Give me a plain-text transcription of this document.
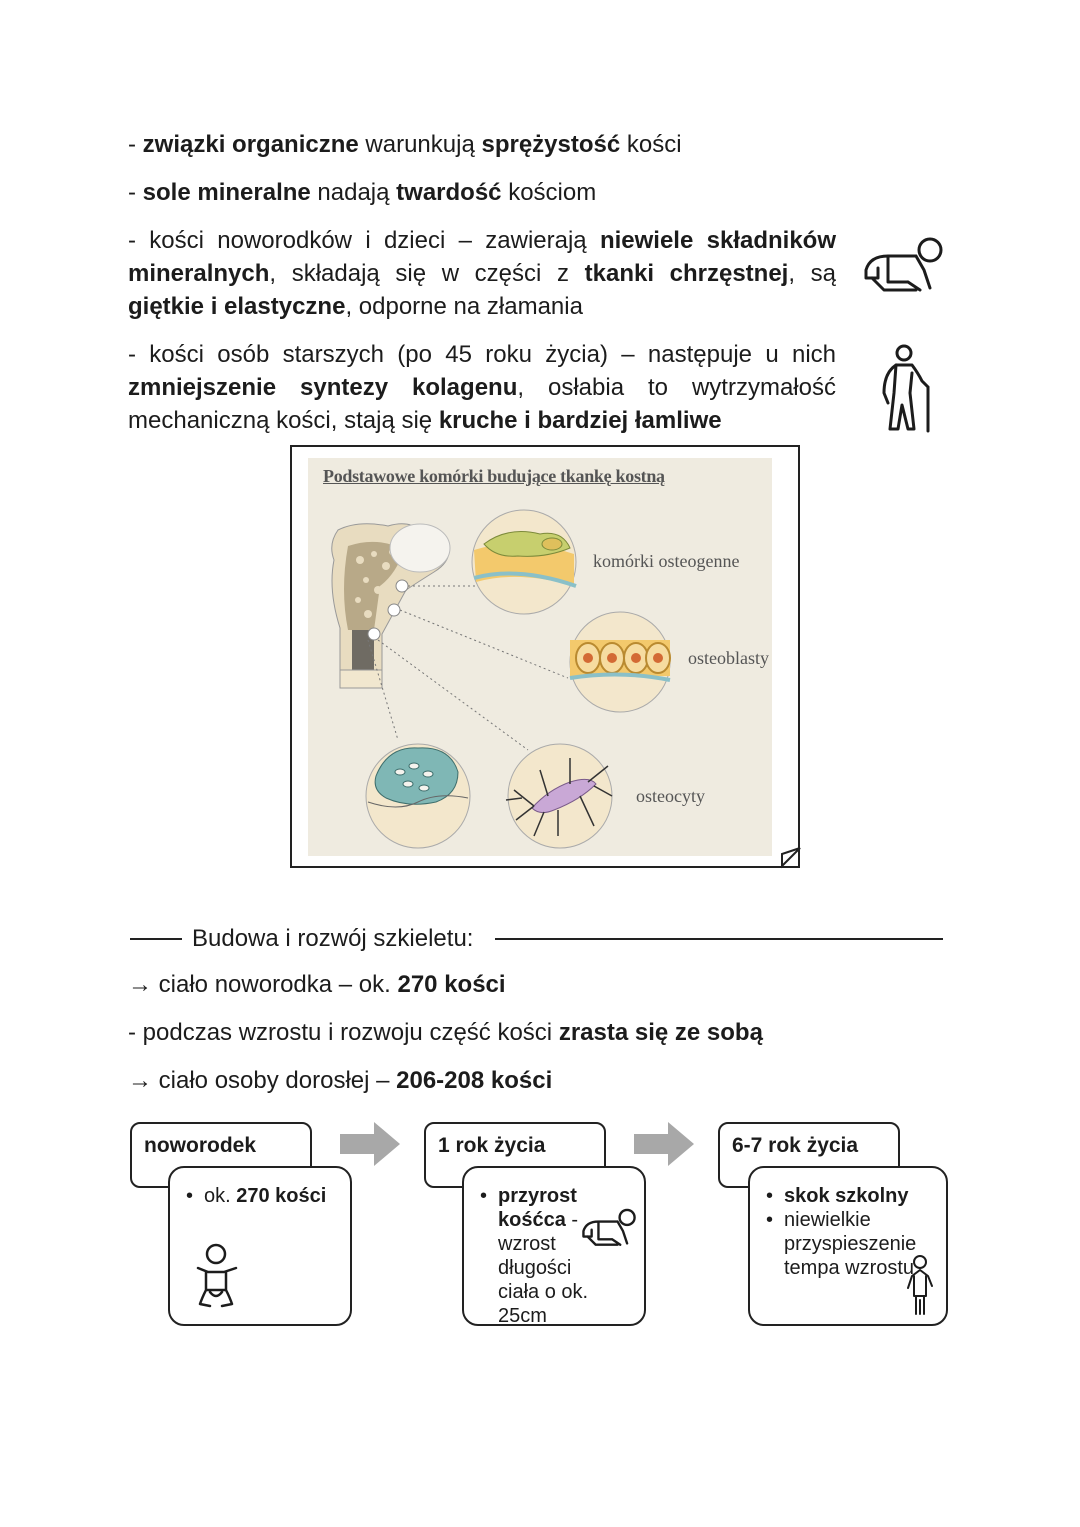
- związki organiczne warunkują sprężystość kości
- sole mineralne nadają twardość kościom
- kości noworodków i dzieci – zawierają niewiele składników mineralnych, składają się w części z tkanki chrzęstnej, są giętkie i elastyczne, odporne na złamania
- kości osób starszych (po 45 roku życia) – następuje u nich zmniejszenie syntezy kolagenu, osłabia to wytrzymałość mechaniczną kości, stają się kruche i bardziej łamliwe
Podstawowe komórki budujące tkankę kostną
komórki osteogenne
osteoblasty
osteocyty
Budowa i rozwój szkieletu:
→ ciało noworodka – ok. 270 kości
- podczas wzrostu i rozwoju część kości zrasta się ze sobą
→ ciało osoby dorosłej – 206-208 kości
noworodek
• ok. 270 kości
1 rok życia
• przyrost kośćca - wzrost długości ciała o ok. 25cm
6-7 rok życia
• skok szkolny
• niewielkie przyspieszenie tempa wzrostu
